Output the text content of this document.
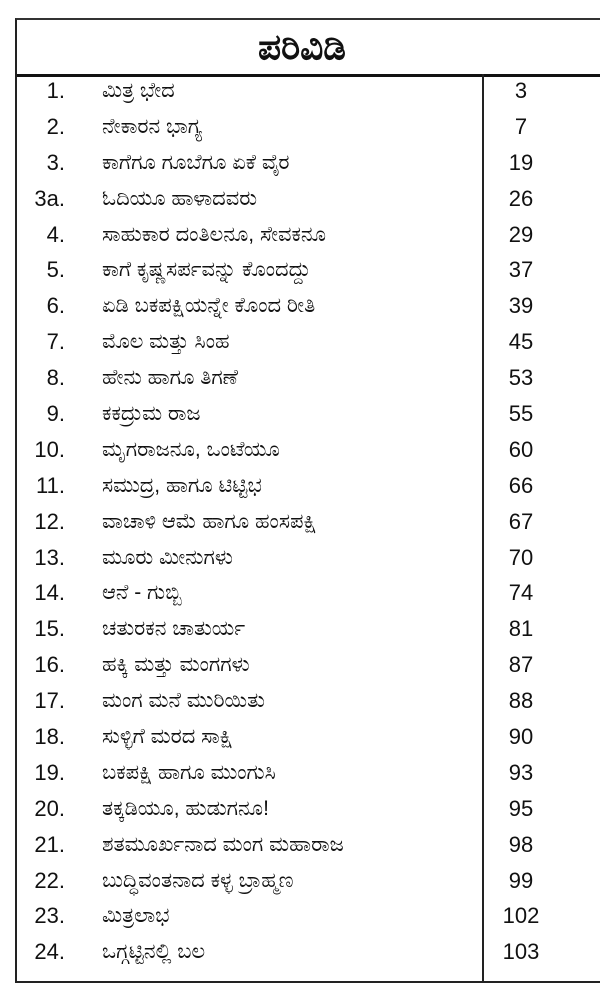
ಪರಿವಿಡಿ
1. ಮಿತ್ರ ಭೇದ	3
2. ನೇಕಾರನ ಭಾಗ್ಯ	7
3. ಕಾಗೆಗೂ ಗೂಬೆಗೂ ಏಕೆ ವೈರ	19
3a. ಓದಿಯೂ ಹಾಳಾದವರು	26
4. ಸಾಹುಕಾರ ದಂತಿಲನೂ, ಸೇವಕನೂ	29
5. ಕಾಗೆ ಕೃಷ್ಣಸರ್ಪವನ್ನು ಕೊಂದದ್ದು	37
6. ಏಡಿ ಬಕಪಕ್ಷಿಯನ್ನೇ ಕೊಂದ ರೀತಿ	39
7. ಮೊಲ ಮತ್ತು ಸಿಂಹ	45
8. ಹೇನು ಹಾಗೂ ತಿಗಣೆ	53
9. ಕಕದ್ರುಮ ರಾಜ	55
10. ಮೃಗರಾಜನೂ, ಒಂಟೆಯೂ	60
11. ಸಮುದ್ರ, ಹಾಗೂ ಟಿಟ್ಟಿಭ	66
12. ವಾಚಾಳಿ ಆಮೆ ಹಾಗೂ ಹಂಸಪಕ್ಷಿ	67
13. ಮೂರು ಮೀನುಗಳು	70
14. ಆನೆ - ಗುಬ್ಬಿ	74
15. ಚತುರಕನ ಚಾತುರ್ಯ	81
16. ಹಕ್ಕಿ ಮತ್ತು ಮಂಗಗಳು	87
17. ಮಂಗ ಮನೆ ಮುರಿಯಿತು	88
18. ಸುಳ್ಳಿಗೆ ಮರದ ಸಾಕ್ಷಿ	90
19. ಬಕಪಕ್ಷಿ ಹಾಗೂ ಮುಂಗುಸಿ	93
20. ತಕ್ಕಡಿಯೂ, ಹುಡುಗನೂ!	95
21. ಶತಮೂರ್ಖನಾದ ಮಂಗ ಮಹಾರಾಜ	98
22. ಬುದ್ಧಿವಂತನಾದ ಕಳ್ಳ ಬ್ರಾಹ್ಮಣ	99
23. ಮಿತ್ರಲಾಭ	102
24. ಒಗ್ಗಟ್ಟಿನಲ್ಲಿ ಬಲ	103
